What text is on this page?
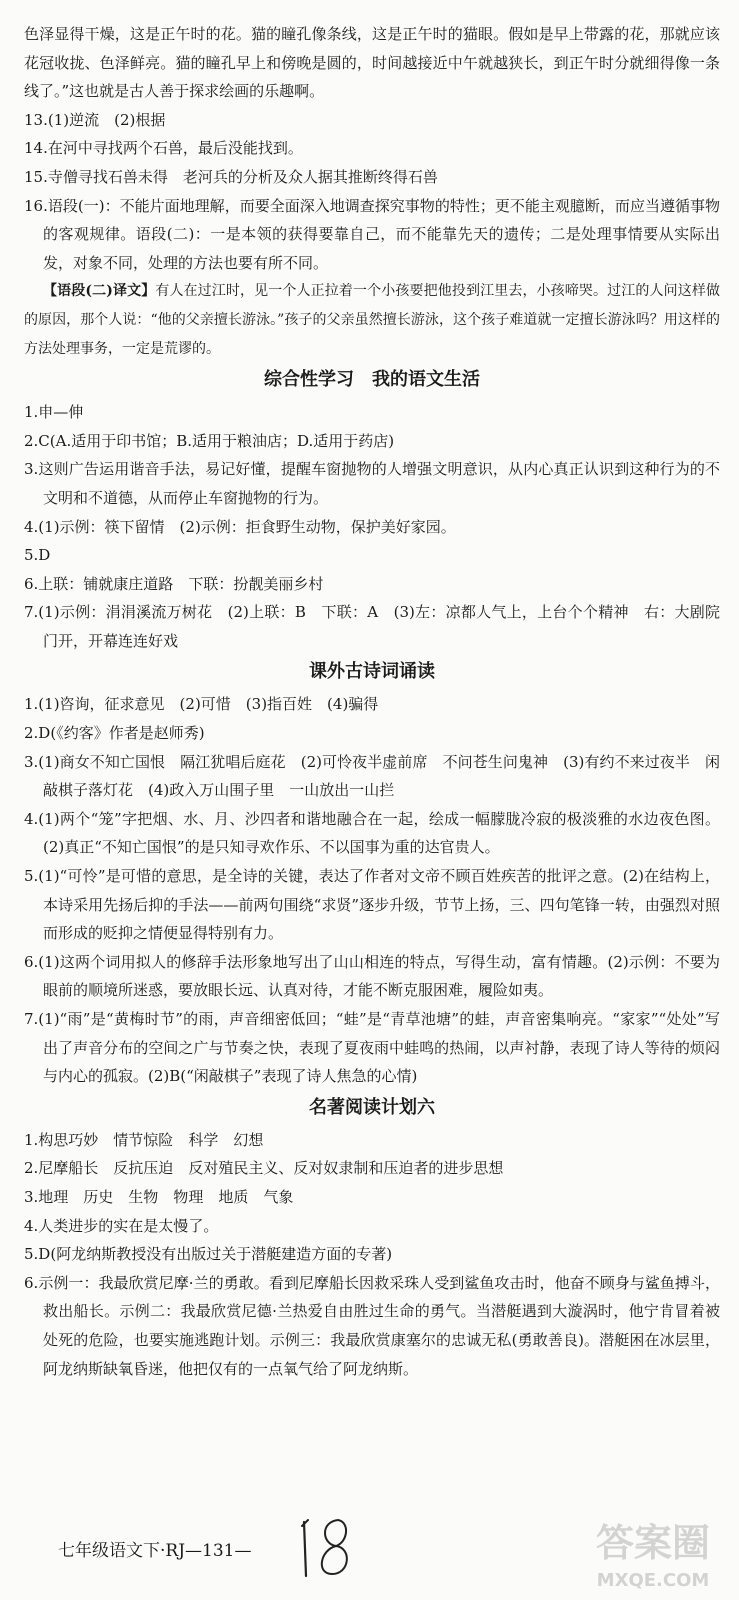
色泽显得干燥，这是正午时的花。猫的瞳孔像条线，这是正午时的猫眼。假如是早上带露的花，那就应该花冠收拢、色泽鲜亮。猫的瞳孔早上和傍晚是圆的，时间越接近中午就越狭长，到正午时分就细得像一条线了。”这也就是古人善于探求绘画的乐趣啊。

13.(1)逆流　(2)根据

14.在河中寻找两个石兽，最后没能找到。

15.寺僧寻找石兽未得　老河兵的分析及众人据其推断终得石兽

16.语段(一)：不能片面地理解，而要全面深入地调查探究事物的特性；更不能主观臆断，而应当遵循事物的客观规律。语段(二)：一是本领的获得要靠自己，而不能靠先天的遗传；二是处理事情要从实际出发，对象不同，处理的方法也要有所不同。

【语段(二)译文】有人在过江时，见一个人正拉着一个小孩要把他投到江里去，小孩啼哭。过江的人问这样做的原因，那个人说：“他的父亲擅长游泳。”孩子的父亲虽然擅长游泳，这个孩子难道就一定擅长游泳吗？用这样的方法处理事务，一定是荒谬的。

综合性学习　我的语文生活

1.申—伸

2.C(A.适用于印书馆；B.适用于粮油店；D.适用于药店)

3.这则广告运用谐音手法，易记好懂，提醒车窗抛物的人增强文明意识，从内心真正认识到这种行为的不文明和不道德，从而停止车窗抛物的行为。

4.(1)示例：筷下留情　(2)示例：拒食野生动物，保护美好家园。

5.D

6.上联：铺就康庄道路　下联：扮靓美丽乡村

7.(1)示例：涓涓溪流万树花　(2)上联：B　下联：A　(3)左：凉都人气上，上台个个精神　右：大剧院门开，开幕连连好戏

课外古诗词诵读

1.(1)咨询，征求意见　(2)可惜　(3)指百姓　(4)骗得

2.D(《约客》作者是赵师秀)

3.(1)商女不知亡国恨　隔江犹唱后庭花　(2)可怜夜半虚前席　不问苍生问鬼神　(3)有约不来过夜半　闲敲棋子落灯花　(4)政入万山围子里　一山放出一山拦

4.(1)两个“笼”字把烟、水、月、沙四者和谐地融合在一起，绘成一幅朦胧冷寂的极淡雅的水边夜色图。(2)真正“不知亡国恨”的是只知寻欢作乐、不以国事为重的达官贵人。

5.(1)“可怜”是可惜的意思，是全诗的关键，表达了作者对文帝不顾百姓疾苦的批评之意。(2)在结构上，本诗采用先扬后抑的手法——前两句围绕“求贤”逐步升级，节节上扬，三、四句笔锋一转，由强烈对照而形成的贬抑之情便显得特别有力。

6.(1)这两个词用拟人的修辞手法形象地写出了山山相连的特点，写得生动，富有情趣。(2)示例：不要为眼前的顺境所迷惑，要放眼长远、认真对待，才能不断克服困难，履险如夷。

7.(1)“雨”是“黄梅时节”的雨，声音细密低回；“蛙”是“青草池塘”的蛙，声音密集响亮。“家家”“处处”写出了声音分布的空间之广与节奏之快，表现了夏夜雨中蛙鸣的热闹，以声衬静，表现了诗人等待的烦闷与内心的孤寂。(2)B(“闲敲棋子”表现了诗人焦急的心情)

名著阅读计划六

1.构思巧妙　情节惊险　科学　幻想

2.尼摩船长　反抗压迫　反对殖民主义、反对奴隶制和压迫者的进步思想

3.地理　历史　生物　物理　地质　气象

4.人类进步的实在是太慢了。

5.D(阿龙纳斯教授没有出版过关于潜艇建造方面的专著)

6.示例一：我最欣赏尼摩·兰的勇敢。看到尼摩船长因救采珠人受到鲨鱼攻击时，他奋不顾身与鲨鱼搏斗，救出船长。示例二：我最欣赏尼德·兰热爱自由胜过生命的勇气。当潜艇遇到大漩涡时，他宁肯冒着被处死的危险，也要实施逃跑计划。示例三：我最欣赏康塞尔的忠诚无私(勇敢善良)。潜艇困在冰层里，阿龙纳斯缺氧昏迷，他把仅有的一点氧气给了阿龙纳斯。

七年级语文下·RJ—131—	答案圈
MXQE.COM
